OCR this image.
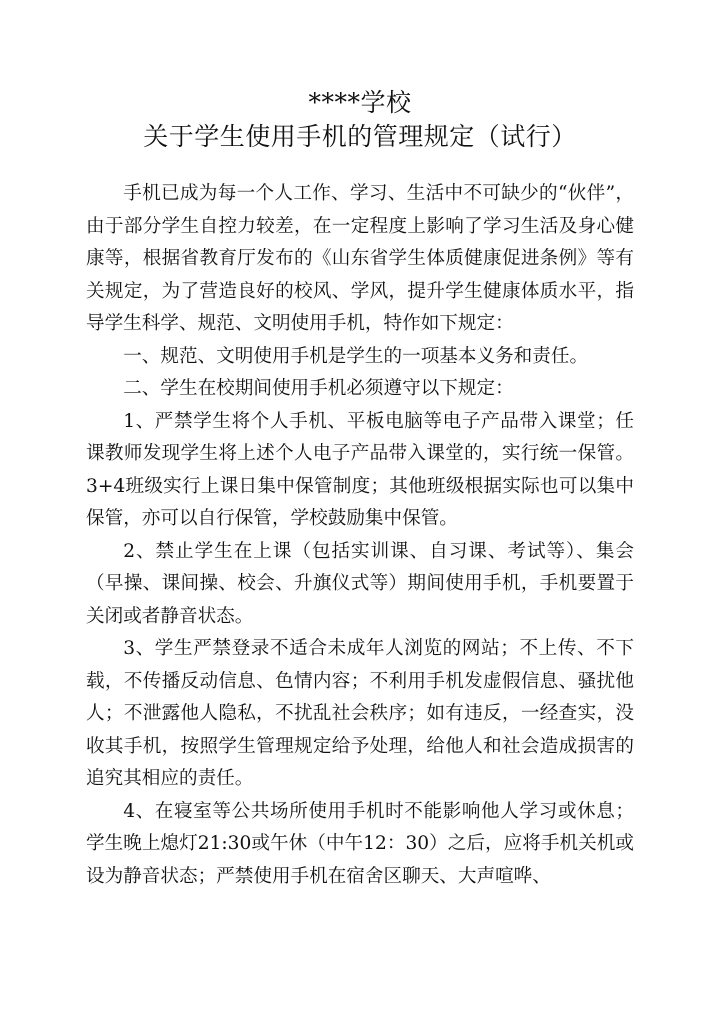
****学校
关于学生使用手机的管理规定（试行）

手机已成为每一个人工作、学习、生活中不可缺少的“伙伴”，由于部分学生自控力较差，在一定程度上影响了学习生活及身心健康等，根据省教育厅发布的《山东省学生体质健康促进条例》等有关规定，为了营造良好的校风、学风，提升学生健康体质水平，指导学生科学、规范、文明使用手机，特作如下规定：

一、规范、文明使用手机是学生的一项基本义务和责任。

二、学生在校期间使用手机必须遵守以下规定：

1、严禁学生将个人手机、平板电脑等电子产品带入课堂；任课教师发现学生将上述个人电子产品带入课堂的，实行统一保管。3+4班级实行上课日集中保管制度；其他班级根据实际也可以集中保管，亦可以自行保管，学校鼓励集中保管。

2、禁止学生在上课（包括实训课、自习课、考试等）、集会（早操、课间操、校会、升旗仪式等）期间使用手机，手机要置于关闭或者静音状态。

3、学生严禁登录不适合未成年人浏览的网站；不上传、不下载，不传播反动信息、色情内容；不利用手机发虚假信息、骚扰他人；不泄露他人隐私，不扰乱社会秩序；如有违反，一经查实，没收其手机，按照学生管理规定给予处理，给他人和社会造成损害的追究其相应的责任。

4、在寝室等公共场所使用手机时不能影响他人学习或休息；学生晚上熄灯21:30或午休（中午12：30）之后，应将手机关机或设为静音状态；严禁使用手机在宿舍区聊天、大声喧哗、
